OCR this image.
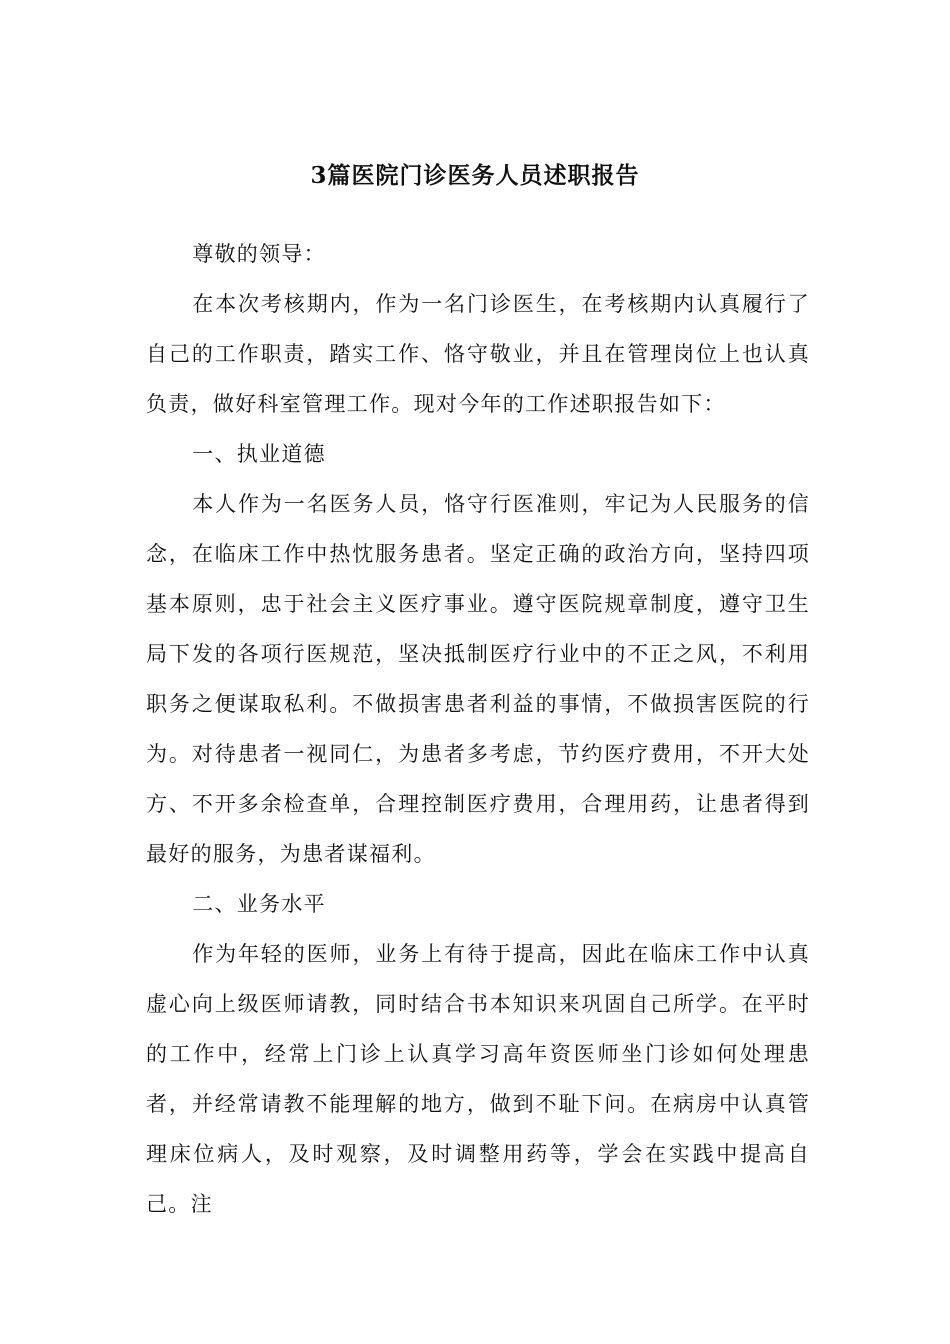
3篇医院门诊医务人员述职报告

尊敬的领导：

在本次考核期内，作为一名门诊医生，在考核期内认真履行了自己的工作职责，踏实工作、恪守敬业，并且在管理岗位上也认真负责，做好科室管理工作。现对今年的工作述职报告如下：

一、执业道德

本人作为一名医务人员，恪守行医准则，牢记为人民服务的信念，在临床工作中热忱服务患者。坚定正确的政治方向，坚持四项基本原则，忠于社会主义医疗事业。遵守医院规章制度，遵守卫生局下发的各项行医规范，坚决抵制医疗行业中的不正之风，不利用职务之便谋取私利。不做损害患者利益的事情，不做损害医院的行为。对待患者一视同仁，为患者多考虑，节约医疗费用，不开大处方、不开多余检查单，合理控制医疗费用，合理用药，让患者得到最好的服务，为患者谋福利。

二、业务水平

作为年轻的医师，业务上有待于提高，因此在临床工作中认真虚心向上级医师请教，同时结合书本知识来巩固自己所学。在平时的工作中，经常上门诊上认真学习高年资医师坐门诊如何处理患者，并经常请教不能理解的地方，做到不耻下问。在病房中认真管理床位病人，及时观察，及时调整用药等，学会在实践中提高自己。注
